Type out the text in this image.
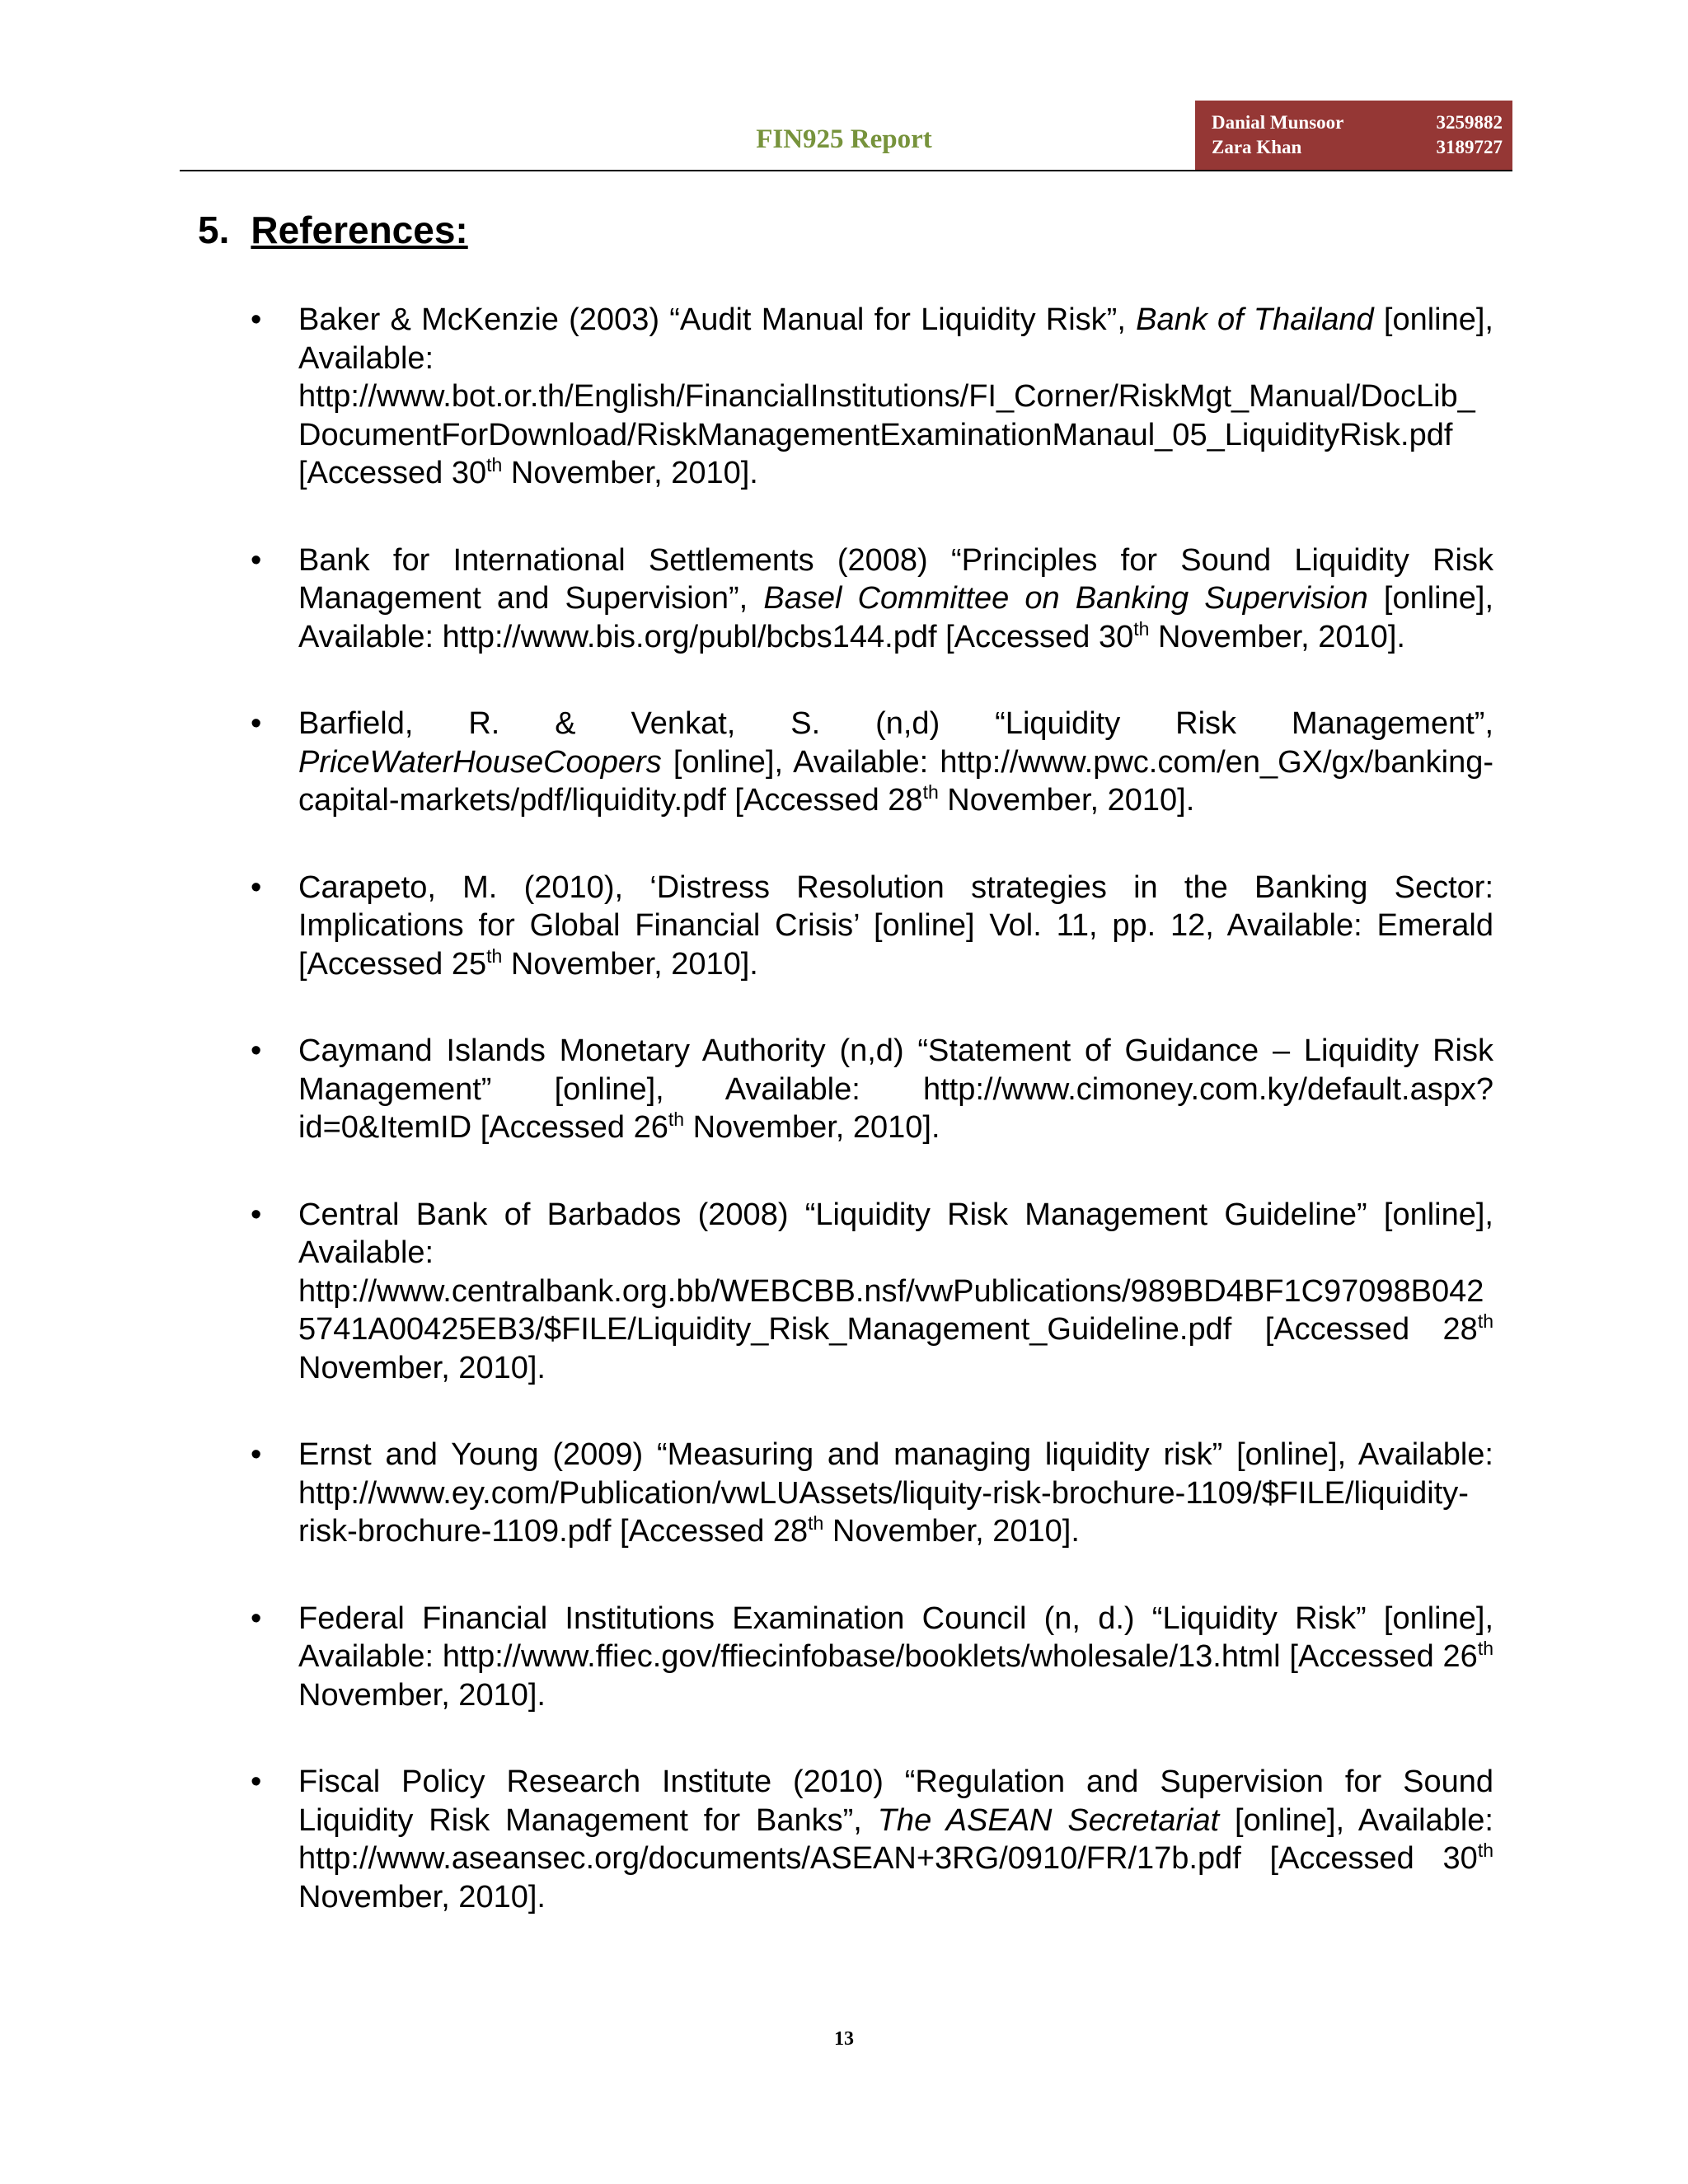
FIN925 Report
Danial Munsoor	3259882
Zara Khan	3189727
5. References:
• Baker & McKenzie (2003) “Audit Manual for Liquidity Risk”, Bank of Thailand [online], Available: http://www.bot.or.th/English/FinancialInstitutions/FI_Corner/RiskMgt_Manual/DocLib_DocumentForDownload/RiskManagementExaminationManaul_05_LiquidityRisk.pdf [Accessed 30th November, 2010].
• Bank for International Settlements (2008) “Principles for Sound Liquidity Risk Management and Supervision”, Basel Committee on Banking Supervision [online], Available: http://www.bis.org/publ/bcbs144.pdf [Accessed 30th November, 2010].
• Barfield, R. & Venkat, S. (n,d) “Liquidity Risk Management”, PriceWaterHouseCoopers [online], Available: http://www.pwc.com/en_GX/gx/banking-capital-markets/pdf/liquidity.pdf [Accessed 28th November, 2010].
• Carapeto, M. (2010), ‘Distress Resolution strategies in the Banking Sector: Implications for Global Financial Crisis’ [online] Vol. 11, pp. 12, Available: Emerald [Accessed 25th November, 2010].
• Caymand Islands Monetary Authority (n,d) “Statement of Guidance – Liquidity Risk Management” [online], Available: http://www.cimoney.com.ky/default.aspx?id=0&ItemID [Accessed 26th November, 2010].
• Central Bank of Barbados (2008) “Liquidity Risk Management Guideline” [online], Available: http://www.centralbank.org.bb/WEBCBB.nsf/vwPublications/989BD4BF1C97098B0425741A00425EB3/$FILE/Liquidity_Risk_Management_Guideline.pdf [Accessed 28th November, 2010].
• Ernst and Young (2009) “Measuring and managing liquidity risk” [online], Available: http://www.ey.com/Publication/vwLUAssets/liquity-risk-brochure-1109/$FILE/liquidity-risk-brochure-1109.pdf [Accessed 28th November, 2010].
• Federal Financial Institutions Examination Council (n, d.) “Liquidity Risk” [online], Available: http://www.ffiec.gov/ffiecinfobase/booklets/wholesale/13.html [Accessed 26th November, 2010].
• Fiscal Policy Research Institute (2010) “Regulation and Supervision for Sound Liquidity Risk Management for Banks”, The ASEAN Secretariat [online], Available: http://www.aseansec.org/documents/ASEAN+3RG/0910/FR/17b.pdf [Accessed 30th November, 2010].
13
